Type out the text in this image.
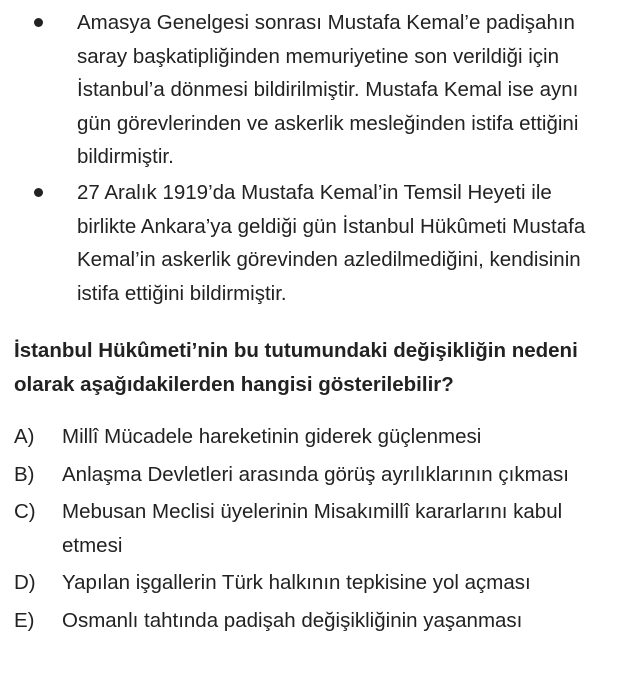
Amasya Genelgesi sonrası Mustafa Kemal’e padişahın saray başkatipliğinden memuriyetine son verildiği için İstanbul’a dönmesi bildirilmiştir. Mustafa Kemal ise aynı gün görevlerinden ve askerlik mesleğinden istifa ettiğini bildirmiştir.
27 Aralık 1919’da Mustafa Kemal’in Temsil Heyeti ile birlikte Ankara’ya geldiği gün İstanbul Hükûmeti Mustafa Kemal’in askerlik görevinden azledilmediğini, kendisinin istifa ettiğini bildirmiştir.
İstanbul Hükûmeti’nin bu tutumundaki değişikliğin nedeni olarak aşağıdakilerden hangisi gösterilebilir?
A) Millî Mücadele hareketinin giderek güçlenmesi
B) Anlaşma Devletleri arasında görüş ayrılıklarının çıkması
C) Mebusan Meclisi üyelerinin Misakımillî kararlarını kabul etmesi
D) Yapılan işgallerin Türk halkının tepkisine yol açması
E) Osmanlı tahtında padişah değişikliğinin yaşanması
